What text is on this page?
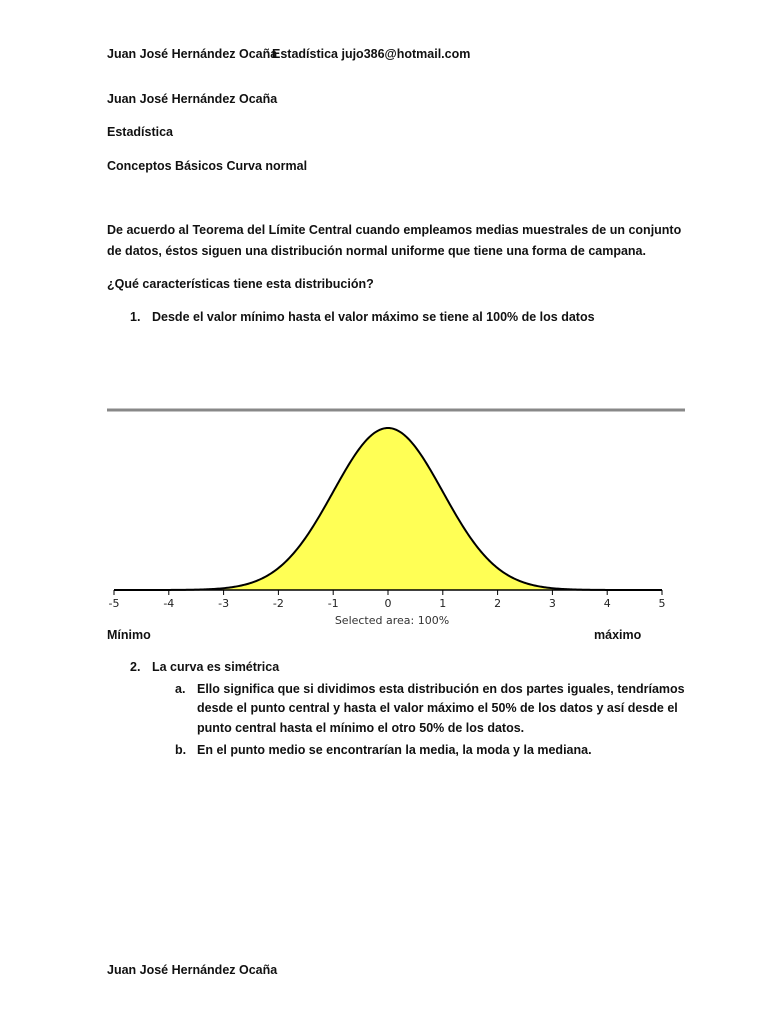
Juan José Hernández Ocaña
Estadística jujo386@hotmail.com
Juan José Hernández Ocaña
Estadística
Conceptos Básicos Curva normal
De acuerdo al Teorema del Límite Central cuando empleamos medias muestrales de un conjunto
de datos, éstos siguen una distribución normal uniforme que tiene una forma de campana.
¿Qué características tiene esta distribución?
1. Desde el valor mínimo hasta el valor máximo se tiene al 100% de los datos
-5	-4	-3	-2	-1	0	1	2	3	4	5
Selected area: 100%
Mínimo	máximo
2. La curva es simétrica
a. Ello significa que si dividimos esta distribución en dos partes iguales, tendríamos
desde el punto central y hasta el valor máximo el 50% de los datos y así desde el
punto central hasta el mínimo el otro 50% de los datos.
b. En el punto medio se encontrarían la media, la moda y la mediana.
Juan José Hernández Ocaña
